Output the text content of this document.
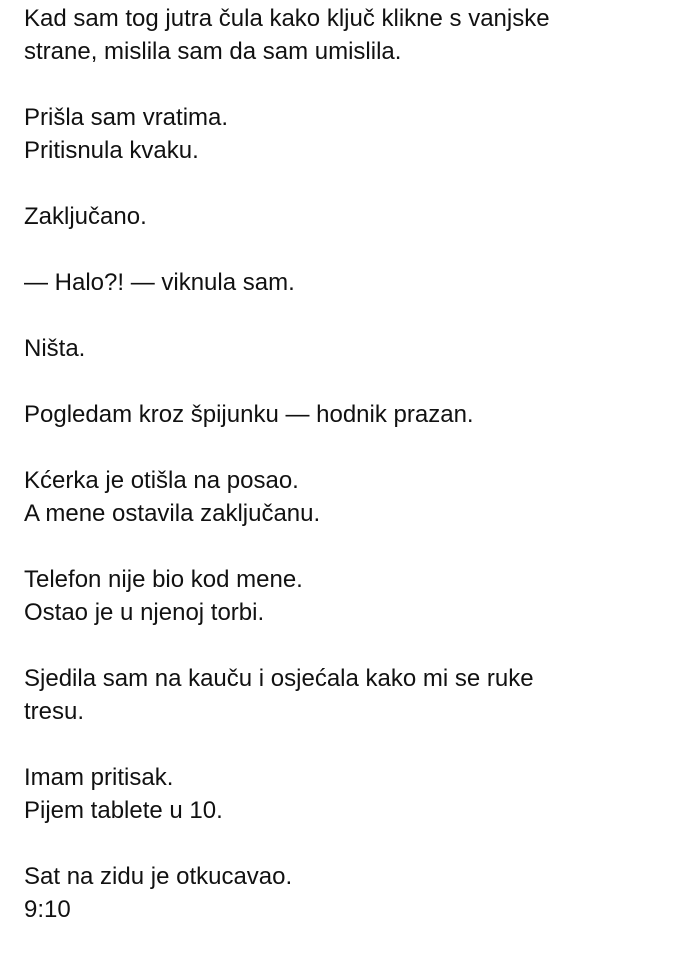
Kad sam tog jutra čula kako ključ klikne s vanjske
strane, mislila sam da sam umislila.
Prišla sam vratima.
Pritisnula kvaku.
Zaključano.
— Halo?! — viknula sam.
Ništa.
Pogledam kroz špijunku — hodnik prazan.
Kćerka je otišla na posao.
A mene ostavila zaključanu.
Telefon nije bio kod mene.
Ostao je u njenoj torbi.
Sjedila sam na kauču i osjećala kako mi se ruke
tresu.
Imam pritisak.
Pijem tablete u 10.
Sat na zidu je otkucavao.
9:10
